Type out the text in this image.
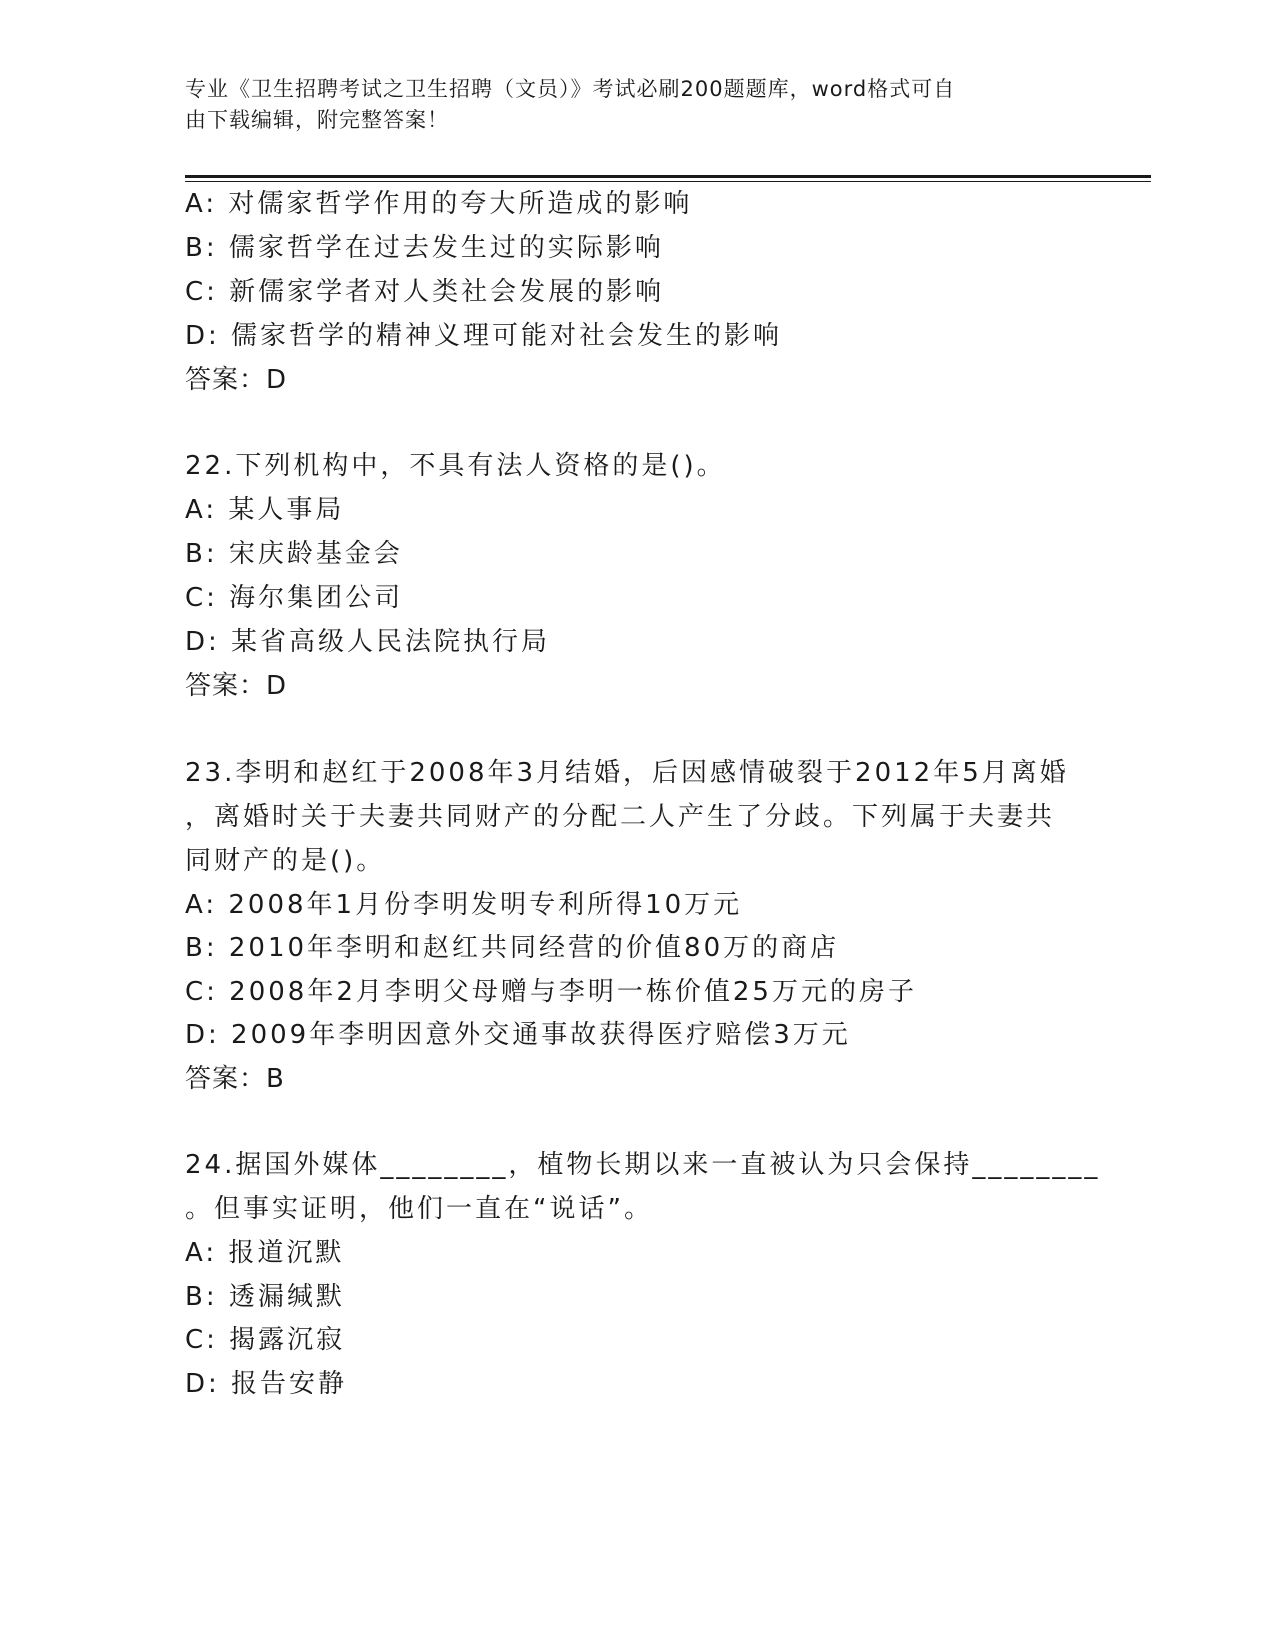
专业《卫生招聘考试之卫生招聘（文员）》考试必刷200题题库，word格式可自
由下载编辑，附完整答案！
A: 对儒家哲学作用的夸大所造成的影响
B: 儒家哲学在过去发生过的实际影响
C: 新儒家学者对人类社会发展的影响
D: 儒家哲学的精神义理可能对社会发生的影响
答案：D
22.下列机构中，不具有法人资格的是()。
A: 某人事局
B: 宋庆龄基金会
C: 海尔集团公司
D: 某省高级人民法院执行局
答案：D
23.李明和赵红于2008年3月结婚，后因感情破裂于2012年5月离婚
，离婚时关于夫妻共同财产的分配二人产生了分歧。下列属于夫妻共
同财产的是()。
A: 2008年1月份李明发明专利所得10万元
B: 2010年李明和赵红共同经营的价值80万的商店
C: 2008年2月李明父母赠与李明一栋价值25万元的房子
D: 2009年李明因意外交通事故获得医疗赔偿3万元
答案：B
24.据国外媒体________，植物长期以来一直被认为只会保持________
。但事实证明，他们一直在“说话”。
A: 报道沉默
B: 透漏缄默
C: 揭露沉寂
D: 报告安静
